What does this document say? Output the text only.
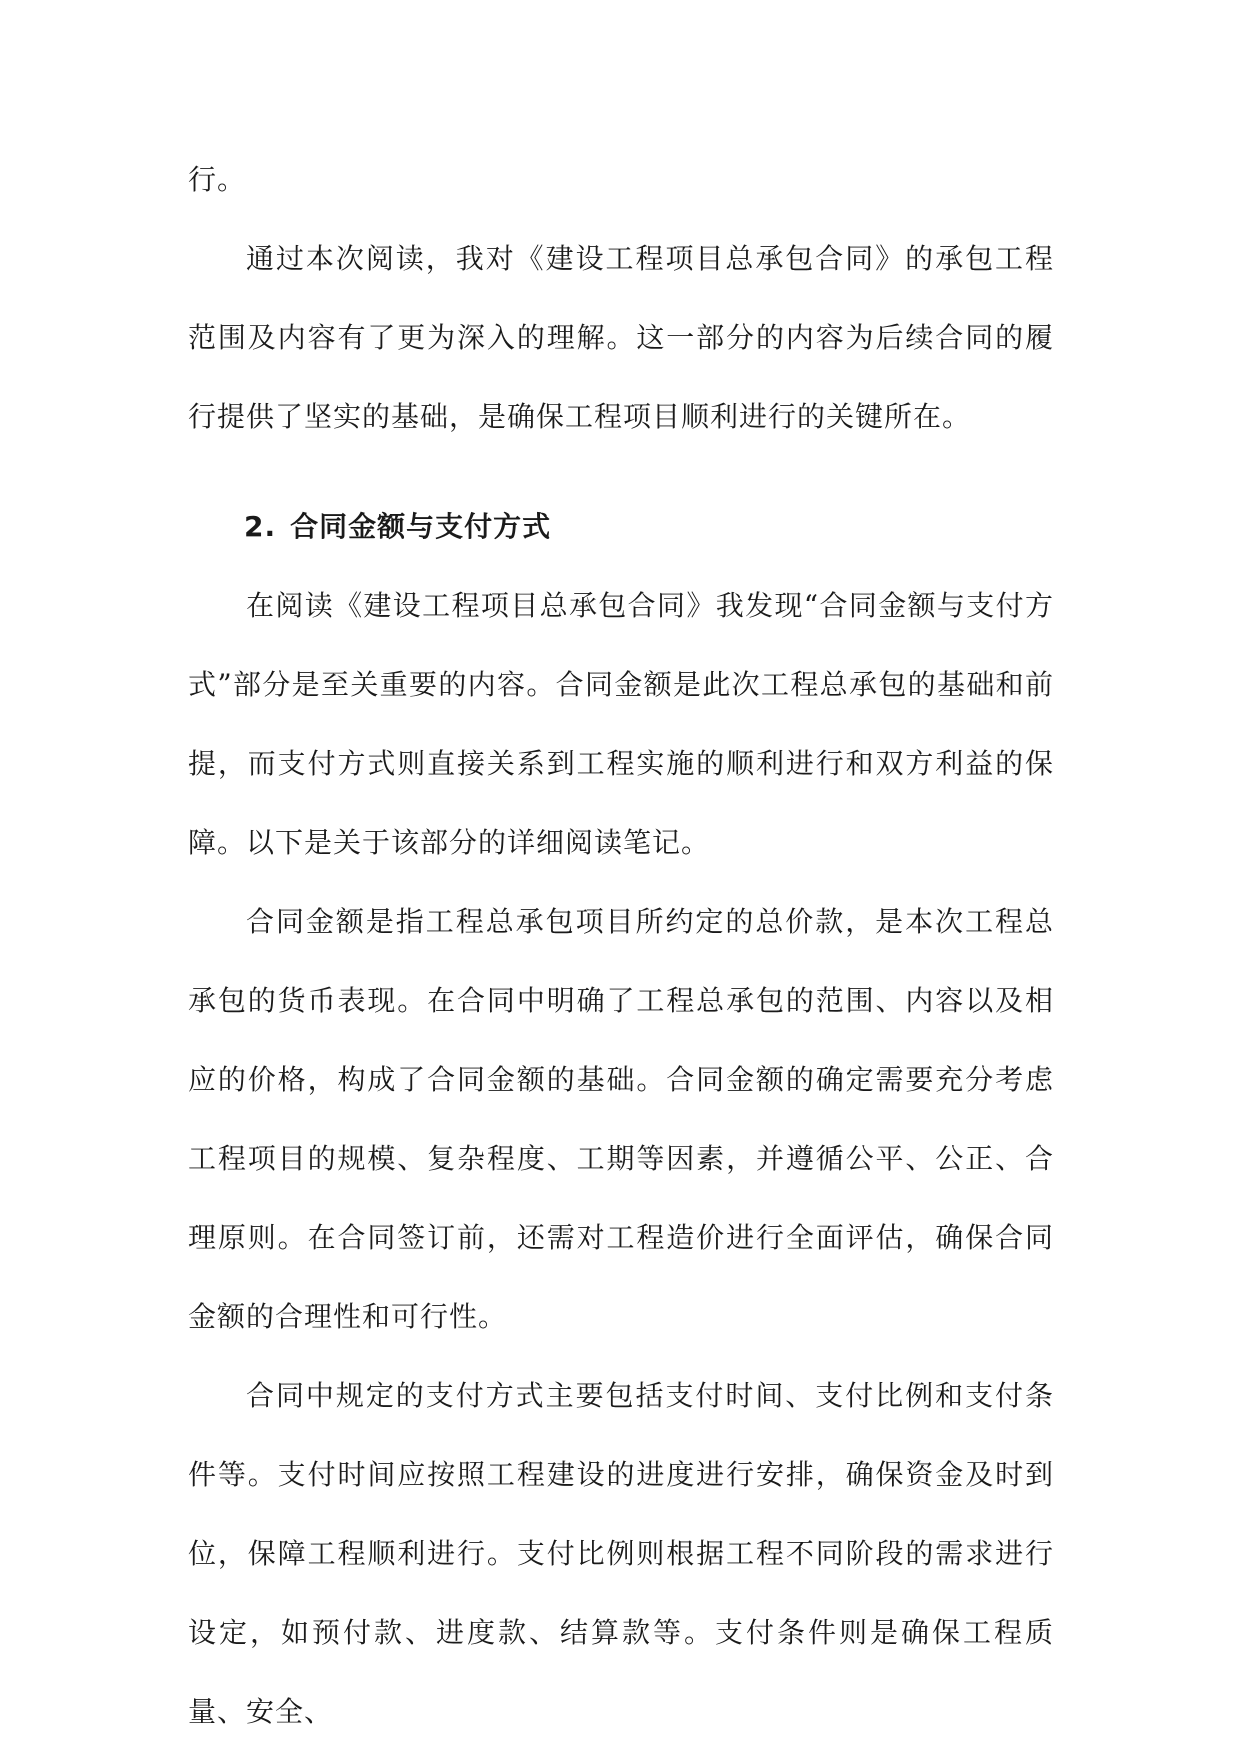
行。

通过本次阅读，我对《建设工程项目总承包合同》的承包工程范围及内容有了更为深入的理解。这一部分的内容为后续合同的履行提供了坚实的基础，是确保工程项目顺利进行的关键所在。

2. 合同金额与支付方式

在阅读《建设工程项目总承包合同》我发现“合同金额与支付方式”部分是至关重要的内容。合同金额是此次工程总承包的基础和前提，而支付方式则直接关系到工程实施的顺利进行和双方利益的保障。以下是关于该部分的详细阅读笔记。

合同金额是指工程总承包项目所约定的总价款，是本次工程总承包的货币表现。在合同中明确了工程总承包的范围、内容以及相应的价格，构成了合同金额的基础。合同金额的确定需要充分考虑工程项目的规模、复杂程度、工期等因素，并遵循公平、公正、合理原则。在合同签订前，还需对工程造价进行全面评估，确保合同金额的合理性和可行性。

合同中规定的支付方式主要包括支付时间、支付比例和支付条件等。支付时间应按照工程建设的进度进行安排，确保资金及时到位，保障工程顺利进行。支付比例则根据工程不同阶段的需求进行设定，如预付款、进度款、结算款等。支付条件则是确保工程质量、安全、
